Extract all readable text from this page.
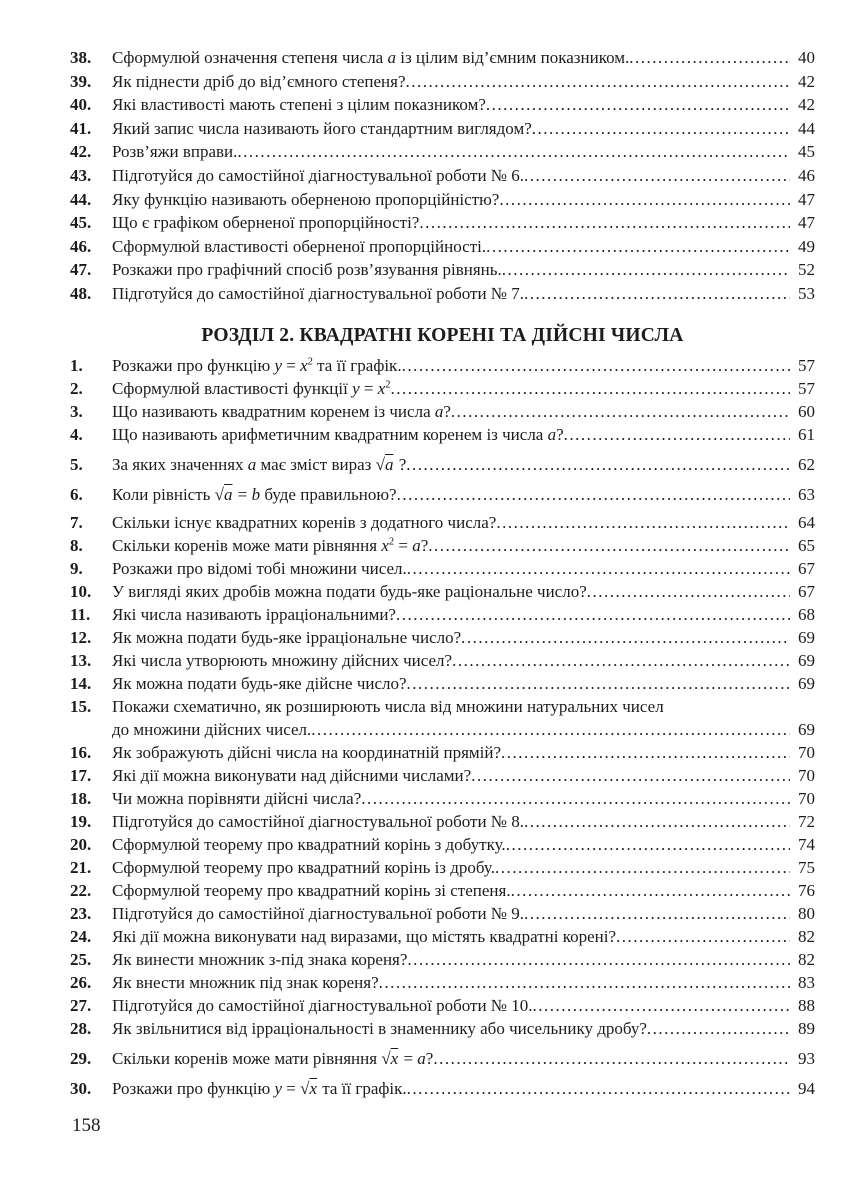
38.	Сформулюй означення степеня числа a із цілим від’ємним показником. .....	40
39.	Як піднести дріб до від’ємного степеня? .....	42
40.	Які властивості мають степені з цілим показником? .....	42
41.	Який запис числа називають його стандартним виглядом? .....	44
42.	Розв’яжи вправи. .....	45
43.	Підготуйся до самостійної діагностувальної роботи № 6. .....	46
44.	Яку функцію називають оберненою пропорційністю? .....	47
45.	Що є графіком оберненої пропорційності? .....	47
46.	Сформулюй властивості оберненої пропорційності. .....	49
47.	Розкажи про графічний спосіб розв’язування рівнянь. .....	52
48.	Підготуйся до самостійної діагностувальної роботи № 7. .....	53
РОЗДІЛ 2. КВАДРАТНІ КОРЕНІ ТА ДІЙСНІ ЧИСЛА
1.	Розкажи про функцію $y = x^2$ та її графік. .....	57
2.	Сформулюй властивості функції $y = x^2$ .....	57
3.	Що називають квадратним коренем із числа a? .....	60
4.	Що називають арифметичним квадратним коренем із числа a? .....	61
5.	За яких значеннях a має зміст вираз √a ? .....	62
6.	Коли рівність √a = b буде правильною? .....	63
7.	Скільки існує квадратних коренів з додатного числа? .....	64
8.	Скільки коренів може мати рівняння $x^2 = a$? .....	65
9.	Розкажи про відомі тобі множини чисел. .....	67
10.	У вигляді яких дробів можна подати будь-яке раціональне число? .....	67
11.	Які числа називають ірраціональними? .....	68
12.	Як можна подати будь-яке ірраціональне число? .....	69
13.	Які числа утворюють множину дійсних чисел? .....	69
14.	Як можна подати будь-яке дійсне число? .....	69
15.	Покажи схематично, як розширюють числа від множини натуральних чисел
до множини дійсних чисел. .....	69
16.	Як зображують дійсні числа на координатній прямій? .....	70
17.	Які дії можна виконувати над дійсними числами? .....	70
18.	Чи можна порівняти дійсні числа? .....	70
19.	Підготуйся до самостійної діагностувальної роботи № 8. .....	72
20.	Сформулюй теорему про квадратний корінь з добутку. .....	74
21.	Сформулюй теорему про квадратний корінь із дробу. .....	75
22.	Сформулюй теорему про квадратний корінь зі степеня. .....	76
23.	Підготуйся до самостійної діагностувальної роботи № 9. .....	80
24.	Які дії можна виконувати над виразами, що містять квадратні корені? .....	82
25.	Як винести множник з-під знака кореня? .....	82
26.	Як внести множник під знак кореня? .....	83
27.	Підготуйся до самостійної діагностувальної роботи № 10. .....	88
28.	Як звільнитися від ірраціональності в знаменнику або чисельнику дробу? .....	89
29.	Скільки коренів може мати рівняння √x = a? .....	93
30.	Розкажи про функцію y = √x та її графік. .....	94
158
